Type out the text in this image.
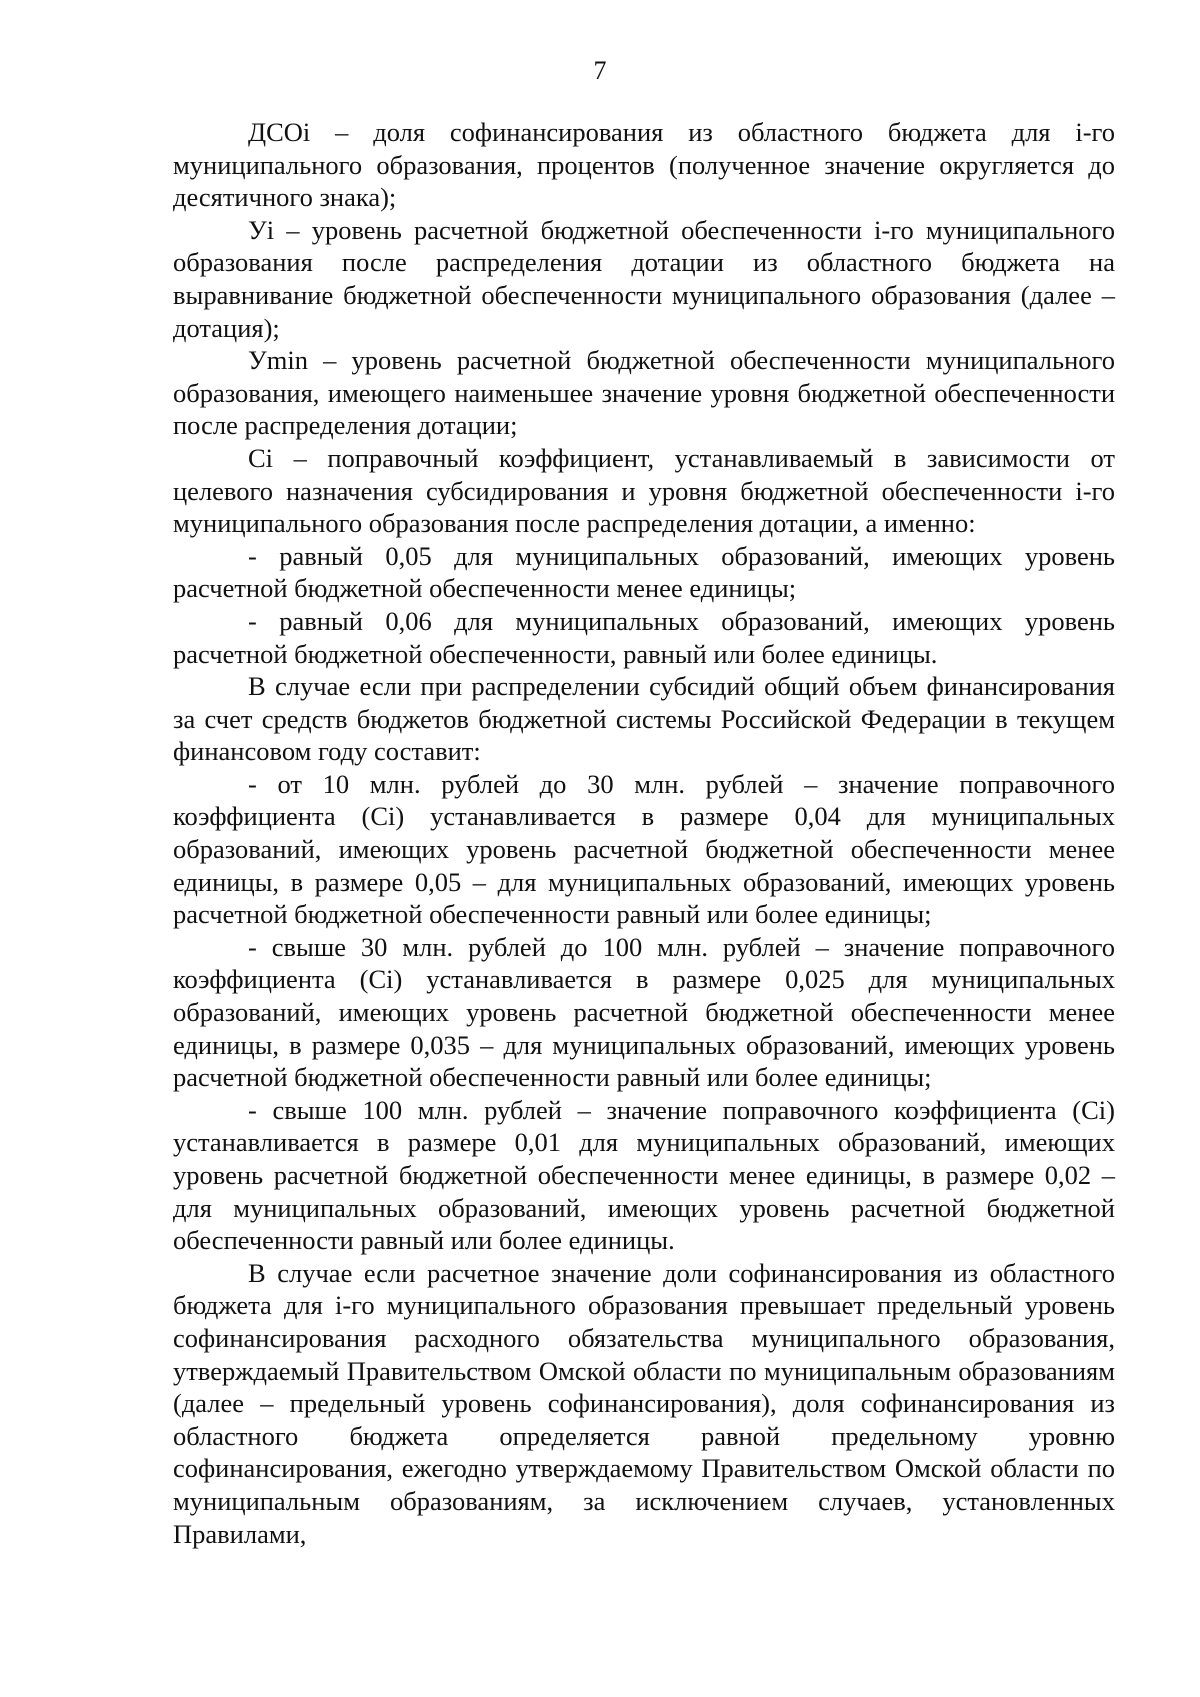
7

ДСОi – доля софинансирования из областного бюджета для i-го муниципального образования, процентов (полученное значение округляется до десятичного знака);

Уi – уровень расчетной бюджетной обеспеченности i-го муниципального образования после распределения дотации из областного бюджета на выравнивание бюджетной обеспеченности муниципального образования (далее – дотация);

Уmin – уровень расчетной бюджетной обеспеченности муниципального образования, имеющего наименьшее значение уровня бюджетной обеспеченности после распределения дотации;

Сi – поправочный коэффициент, устанавливаемый в зависимости от целевого назначения субсидирования и уровня бюджетной обеспеченности i-го муниципального образования после распределения дотации, а именно:

- равный 0,05 для муниципальных образований, имеющих уровень расчетной бюджетной обеспеченности менее единицы;

- равный 0,06 для муниципальных образований, имеющих уровень расчетной бюджетной обеспеченности, равный или более единицы.

В случае если при распределении субсидий общий объем финансирования за счет средств бюджетов бюджетной системы Российской Федерации в текущем финансовом году составит:

- от 10 млн. рублей до 30 млн. рублей – значение поправочного коэффициента (Сi) устанавливается в размере 0,04 для муниципальных образований, имеющих уровень расчетной бюджетной обеспеченности менее единицы, в размере 0,05 – для муниципальных образований, имеющих уровень расчетной бюджетной обеспеченности равный или более единицы;

- свыше 30 млн. рублей до 100 млн. рублей – значение поправочного коэффициента (Сi) устанавливается в размере 0,025 для муниципальных образований, имеющих уровень расчетной бюджетной обеспеченности менее единицы, в размере 0,035 – для муниципальных образований, имеющих уровень расчетной бюджетной обеспеченности равный или более единицы;

- свыше 100 млн. рублей – значение поправочного коэффициента (Сi) устанавливается в размере 0,01 для муниципальных образований, имеющих уровень расчетной бюджетной обеспеченности менее единицы, в размере 0,02 – для муниципальных образований, имеющих уровень расчетной бюджетной обеспеченности равный или более единицы.

В случае если расчетное значение доли софинансирования из областного бюджета для i-го муниципального образования превышает предельный уровень софинансирования расходного обязательства муниципального образования, утверждаемый Правительством Омской области по муниципальным образованиям (далее – предельный уровень софинансирования), доля софинансирования из областного бюджета определяется равной предельному уровню софинансирования, ежегодно утверждаемому Правительством Омской области по муниципальным образованиям, за исключением случаев, установленных Правилами,
